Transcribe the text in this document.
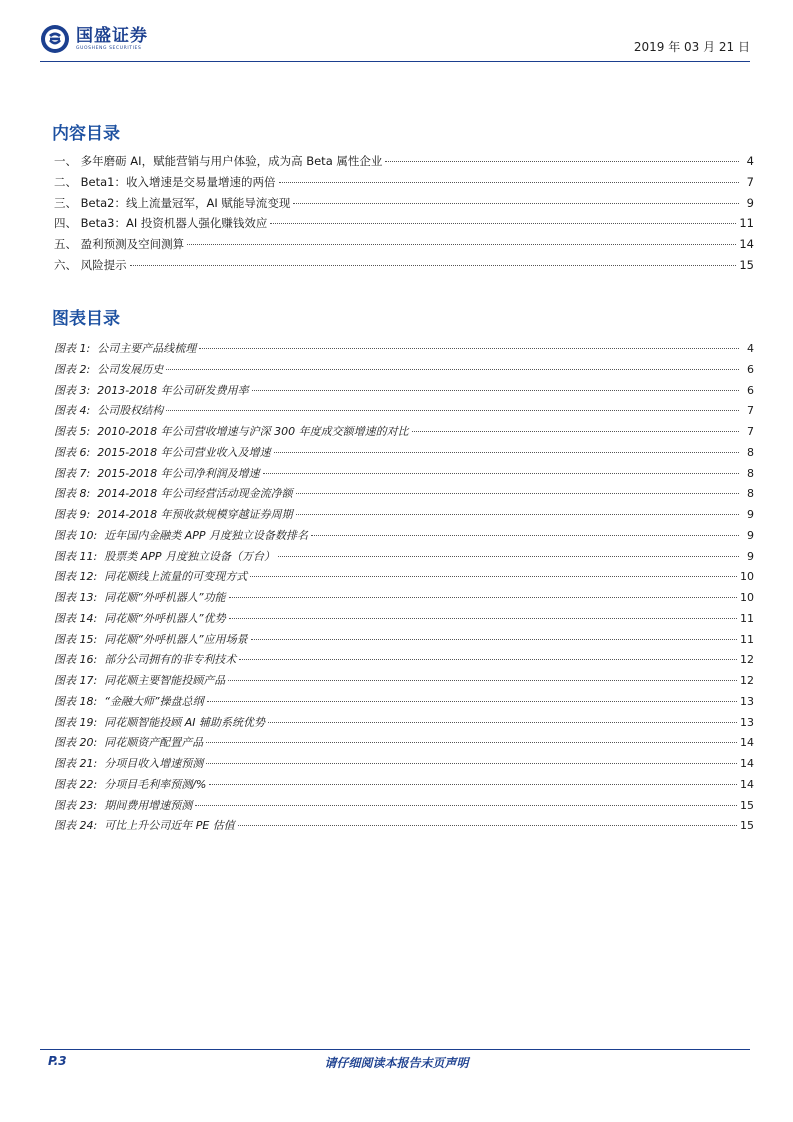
国盛证券
GUOSHENG SECURITIES	2019 年 03 月 21 日
内容目录
一、 多年磨砺 AI，赋能营销与用户体验，成为高 Beta 属性企业	4
二、 Beta1：收入增速是交易量增速的两倍	7
三、 Beta2：线上流量冠军，AI 赋能导流变现	9
四、 Beta3：AI 投资机器人强化赚钱效应	11
五、 盈利预测及空间测算	14
六、 风险提示	15
图表目录
图表 1:  公司主要产品线梳理	4
图表 2:  公司发展历史	6
图表 3:  2013-2018 年公司研发费用率	6
图表 4:  公司股权结构	7
图表 5:  2010-2018 年公司营收增速与沪深 300 年度成交额增速的对比	7
图表 6:  2015-2018 年公司营业收入及增速	8
图表 7:  2015-2018 年公司净利润及增速	8
图表 8:  2014-2018 年公司经营活动现金流净额	8
图表 9:  2014-2018 年预收款规模穿越证券周期	9
图表 10:  近年国内金融类 APP 月度独立设备数排名	9
图表 11:  股票类 APP 月度独立设备（万台）	9
图表 12:  同花顺线上流量的可变现方式	10
图表 13:  同花顺“外呼机器人”功能	10
图表 14:  同花顺“外呼机器人”优势	11
图表 15:  同花顺“外呼机器人”应用场景	11
图表 16:  部分公司拥有的非专利技术	12
图表 17:  同花顺主要智能投顾产品	12
图表 18:  “金融大师”操盘总纲	13
图表 19:  同花顺智能投顾 AI 辅助系统优势	13
图表 20:  同花顺资产配置产品	14
图表 21:  分项目收入增速预测	14
图表 22:  分项目毛利率预测/%	14
图表 23:  期间费用增速预测	15
图表 24:  可比上升公司近年 PE 估值	15
请仔细阅读本报告末页声明
P.3
